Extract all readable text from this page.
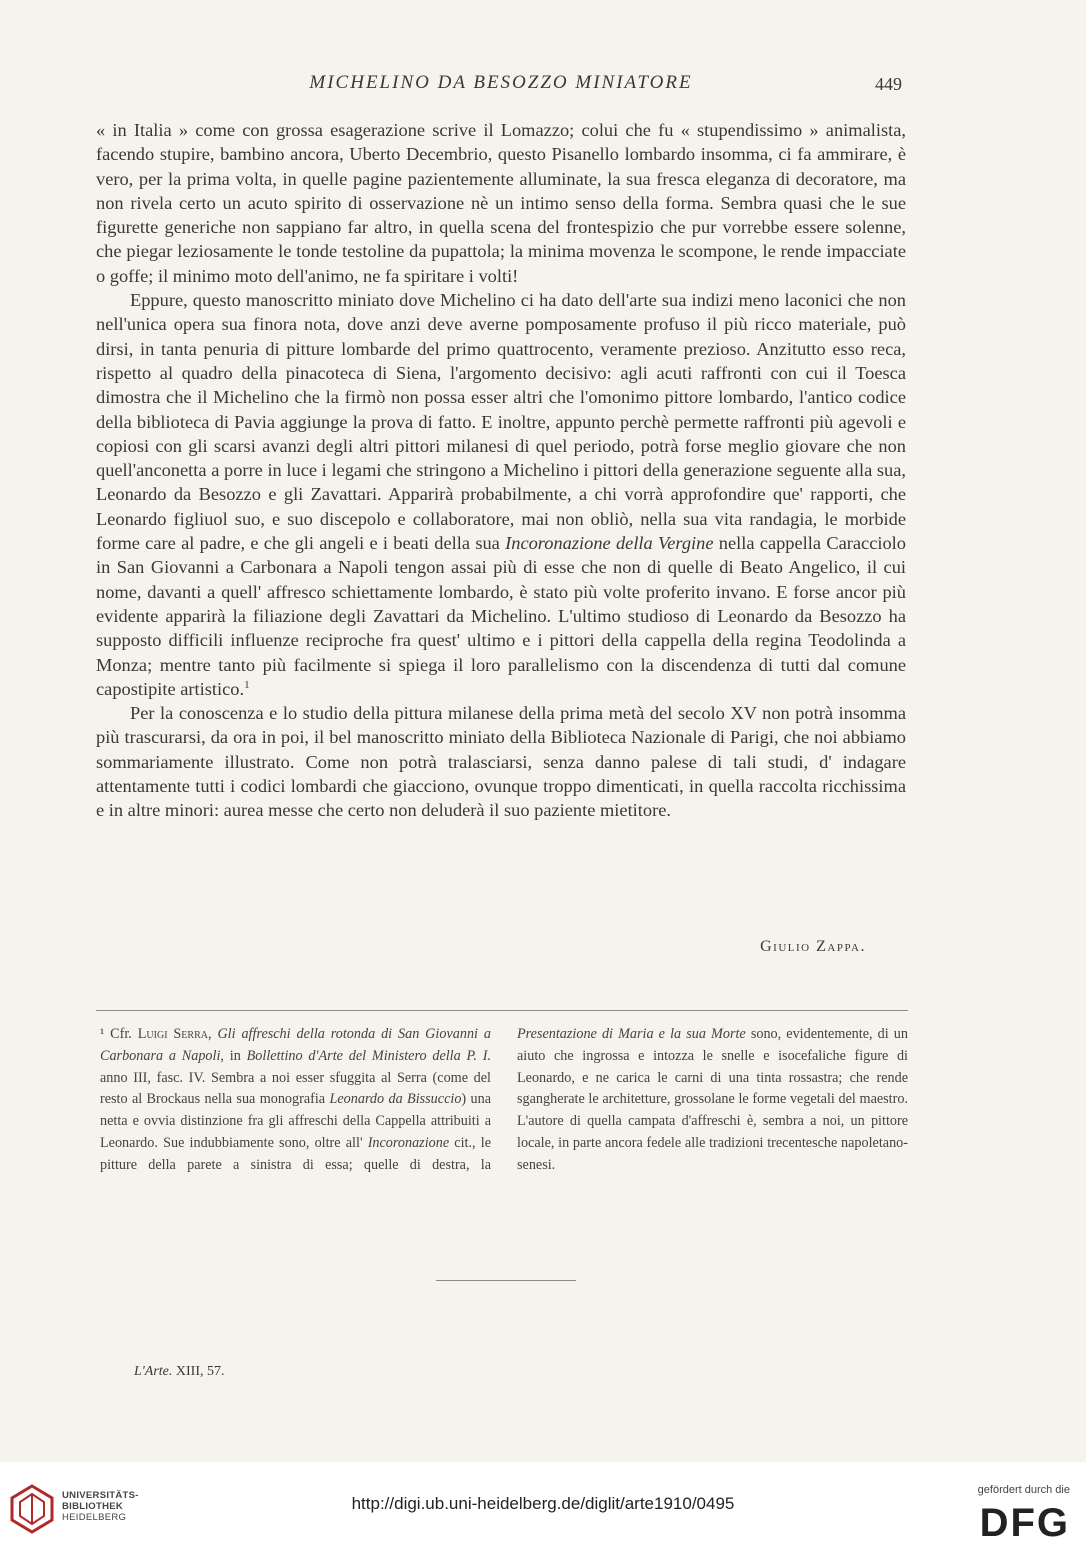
MICHELINO DA BESOZZO MINIATORE	449

« in Italia » come con grossa esagerazione scrive il Lomazzo; colui che fu « stupendissimo » animalista, facendo stupire, bambino ancora, Uberto Decembrio, questo Pisanello lombardo insomma, ci fa ammirare, è vero, per la prima volta, in quelle pagine pazientemente alluminate, la sua fresca eleganza di decoratore, ma non rivela certo un acuto spirito di osservazione nè un intimo senso della forma. Sembra quasi che le sue figurette generiche non sappiano far altro, in quella scena del frontespizio che pur vorrebbe essere solenne, che piegar leziosamente le tonde testoline da pupattola; la minima movenza le scompone, le rende impacciate o goffe; il minimo moto dell'animo, ne fa spiritare i volti!

Eppure, questo manoscritto miniato dove Michelino ci ha dato dell'arte sua indizi meno laconici che non nell'unica opera sua finora nota, dove anzi deve averne pomposamente profuso il più ricco materiale, può dirsi, in tanta penuria di pitture lombarde del primo quattrocento, veramente prezioso. Anzitutto esso reca, rispetto al quadro della pinacoteca di Siena, l'argomento decisivo: agli acuti raffronti con cui il Toesca dimostra che il Michelino che la firmò non possa esser altri che l'omonimo pittore lombardo, l'antico codice della biblioteca di Pavia aggiunge la prova di fatto. E inoltre, appunto perchè permette raffronti più agevoli e copiosi con gli scarsi avanzi degli altri pittori milanesi di quel periodo, potrà forse meglio giovare che non quell'anconetta a porre in luce i legami che stringono a Michelino i pittori della generazione seguente alla sua, Leonardo da Besozzo e gli Zavattari. Apparirà probabilmente, a chi vorrà approfondire que' rapporti, che Leonardo figliuol suo, e suo discepolo e collaboratore, mai non obliò, nella sua vita randagia, le morbide forme care al padre, e che gli angeli e i beati della sua Incoronazione della Vergine nella cappella Caracciolo in San Giovanni a Carbonara a Napoli tengon assai più di esse che non di quelle di Beato Angelico, il cui nome, davanti a quell' affresco schiettamente lombardo, è stato più volte proferito invano. E forse ancor più evidente apparirà la filiazione degli Zavattari da Michelino. L'ultimo studioso di Leonardo da Besozzo ha supposto difficili influenze reciproche fra quest' ultimo e i pittori della cappella della regina Teodolinda a Monza; mentre tanto più facilmente si spiega il loro parallelismo con la discendenza di tutti dal comune capostipite artistico.$^1$

Per la conoscenza e lo studio della pittura milanese della prima metà del secolo XV non potrà insomma più trascurarsi, da ora in poi, il bel manoscritto miniato della Biblioteca Nazionale di Parigi, che noi abbiamo sommariamente illustrato. Come non potrà tralasciarsi, senza danno palese di tali studi, d' indagare attentamente tutti i codici lombardi che giacciono, ovunque troppo dimenticati, in quella raccolta ricchissima e in altre minori: aurea messe che certo non deluderà il suo paziente mietitore.

Giulio Zappa.

¹ Cfr. Luigi Serra, Gli affreschi della rotonda di San Giovanni a Carbonara a Napoli, in Bollettino d'Arte del Ministero della P. I. anno III, fasc. IV. Sembra a noi esser sfuggita al Serra (come del resto al Brockaus nella sua monografia Leonardo da Bissuccio) una netta e ovvia distinzione fra gli affreschi della Cappella attribuiti a Leonardo. Sue indubbiamente sono, oltre all' Incoronazione cit., le pitture della parete a sinistra di essa; quelle di destra, la Presentazione di Maria e la sua Morte sono, evidentemente, di un aiuto che ingrossa e intozza le snelle e isocefaliche figure di Leonardo, e ne carica le carni di una tinta rossastra; che rende sgangherate le architetture, grossolane le forme vegetali del maestro. L'autore di quella campata d'affreschi è, sembra a noi, un pittore locale, in parte ancora fedele alle tradizioni trecentesche napoletano-senesi.

L'Arte. XIII, 57.
UNIVERSITÄTS-
BIBLIOTHEK
HEIDELBERG
http://digi.ub.uni-heidelberg.de/diglit/arte1910/0495
gefördert durch die
DFG
